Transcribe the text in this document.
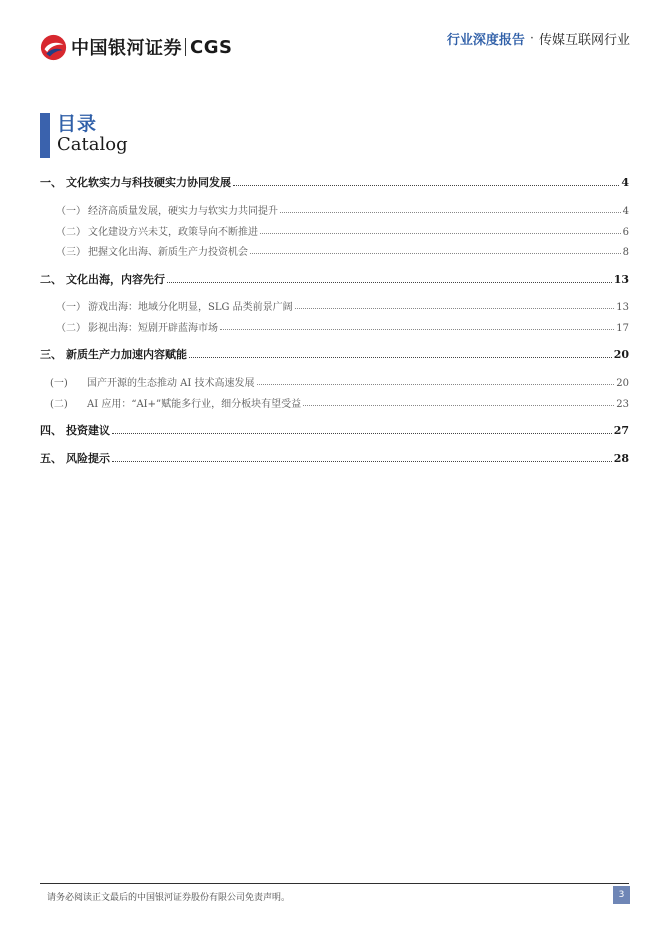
中国银河证券 CGS	行业深度报告 · 传媒互联网行业
目录
Catalog
一、 文化软实力与科技硬实力协同发展	4
（一） 经济高质量发展，硬实力与软实力共同提升	4
（二） 文化建设方兴未艾，政策导向不断推进	6
（三） 把握文化出海、新质生产力投资机会	8
二、 文化出海，内容先行	13
（一） 游戏出海：地域分化明显，SLG 品类前景广阔	13
（二） 影视出海：短剧开辟蓝海市场	17
三、 新质生产力加速内容赋能	20
(一)	国产开源的生态推动 AI 技术高速发展	20
(二)	AI 应用：“AI+”赋能多行业，细分板块有望受益	23
四、 投资建议	27
五、 风险提示	28
请务必阅读正文最后的中国银河证券股份有限公司免责声明。	3
